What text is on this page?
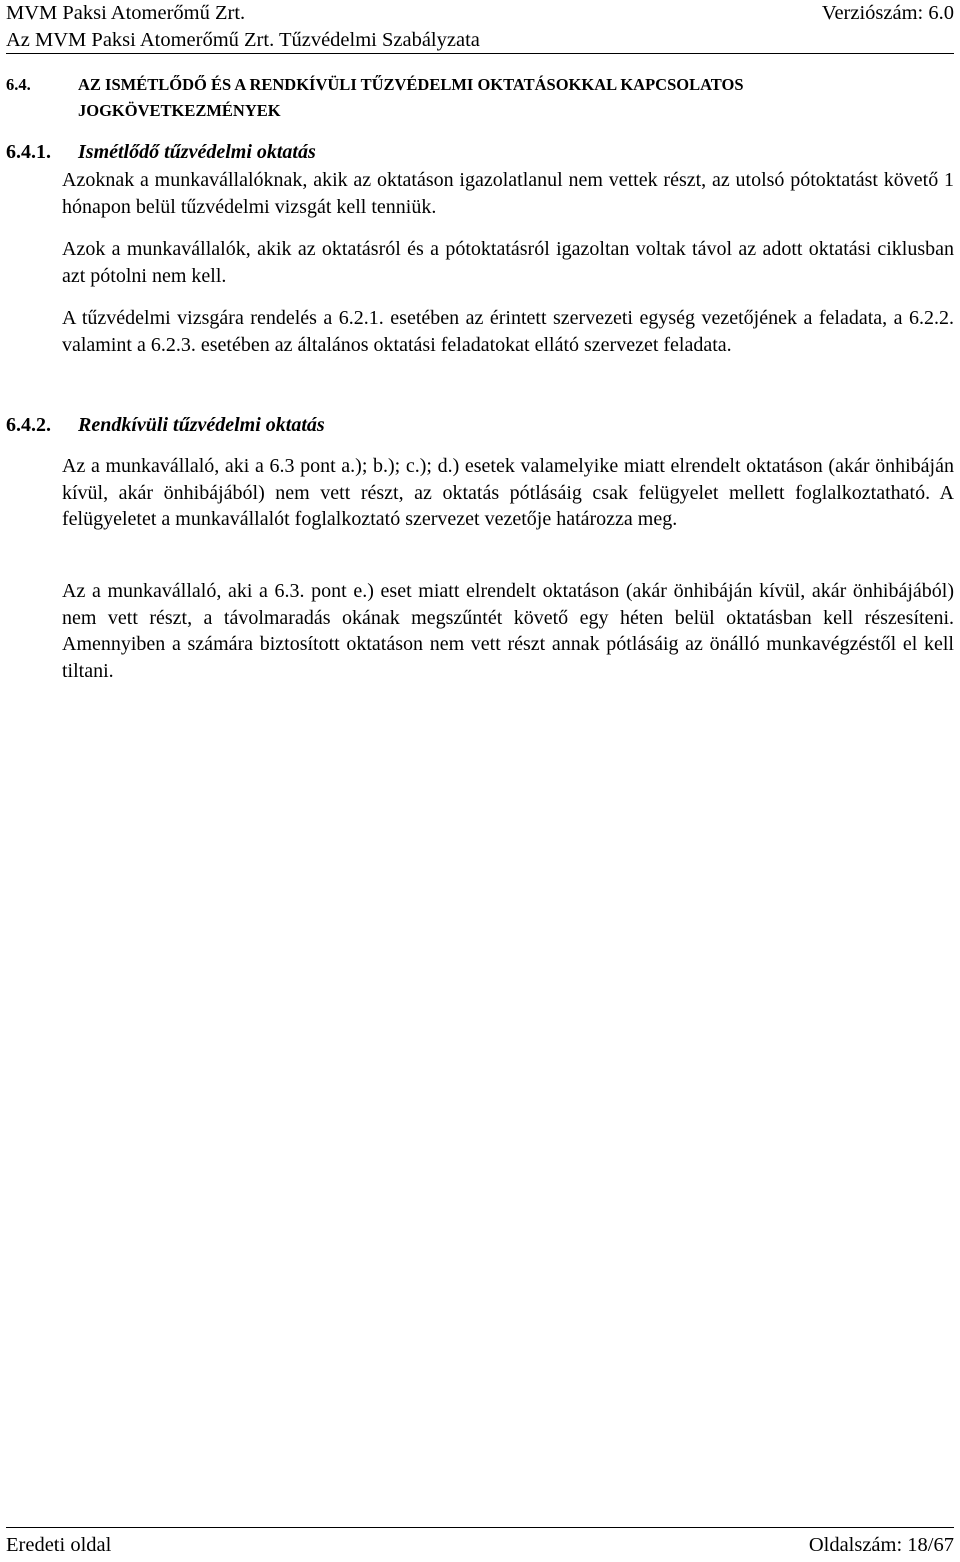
MVM Paksi Atomerőmű Zrt.	Verziószám: 6.0
Az MVM Paksi Atomerőmű Zrt. Tűzvédelmi Szabályzata
6.4.	AZ ISMÉTLŐDŐ ÉS A RENDKÍVÜLI TŰZVÉDELMI OKTATÁSOKKAL KAPCSOLATOS
JOGKÖVETKEZMÉNYEK
6.4.1. Ismétlődő tűzvédelmi oktatás

Azoknak a munkavállalóknak, akik az oktatáson igazolatlanul nem vettek részt, az utolsó pótoktatást követő 1 hónapon belül tűzvédelmi vizsgát kell tenniük.

Azok a munkavállalók, akik az oktatásról és a pótoktatásról igazoltan voltak távol az adott oktatási ciklusban azt pótolni nem kell.

A tűzvédelmi vizsgára rendelés a 6.2.1. esetében az érintett szervezeti egység vezetőjének a feladata, a 6.2.2. valamint a 6.2.3. esetében az általános oktatási feladatokat ellátó szervezet feladata.

6.4.2. Rendkívüli tűzvédelmi oktatás

Az a munkavállaló, aki a 6.3 pont a.); b.); c.); d.) esetek valamelyike miatt elrendelt oktatáson (akár önhibáján kívül, akár önhibájából) nem vett részt, az oktatás pótlásáig csak felügyelet mellett foglalkoztatható. A felügyeletet a munkavállalót foglalkoztató szervezet vezetője határozza meg.

Az a munkavállaló, aki a 6.3. pont e.) eset miatt elrendelt oktatáson (akár önhibáján kívül, akár önhibájából) nem vett részt, a távolmaradás okának megszűntét követő egy héten belül oktatásban kell részesíteni. Amennyiben a számára biztosított oktatáson nem vett részt annak pótlásáig az önálló munkavégzéstől el kell tiltani.

Eredeti oldal	Oldalszám: 18/67
